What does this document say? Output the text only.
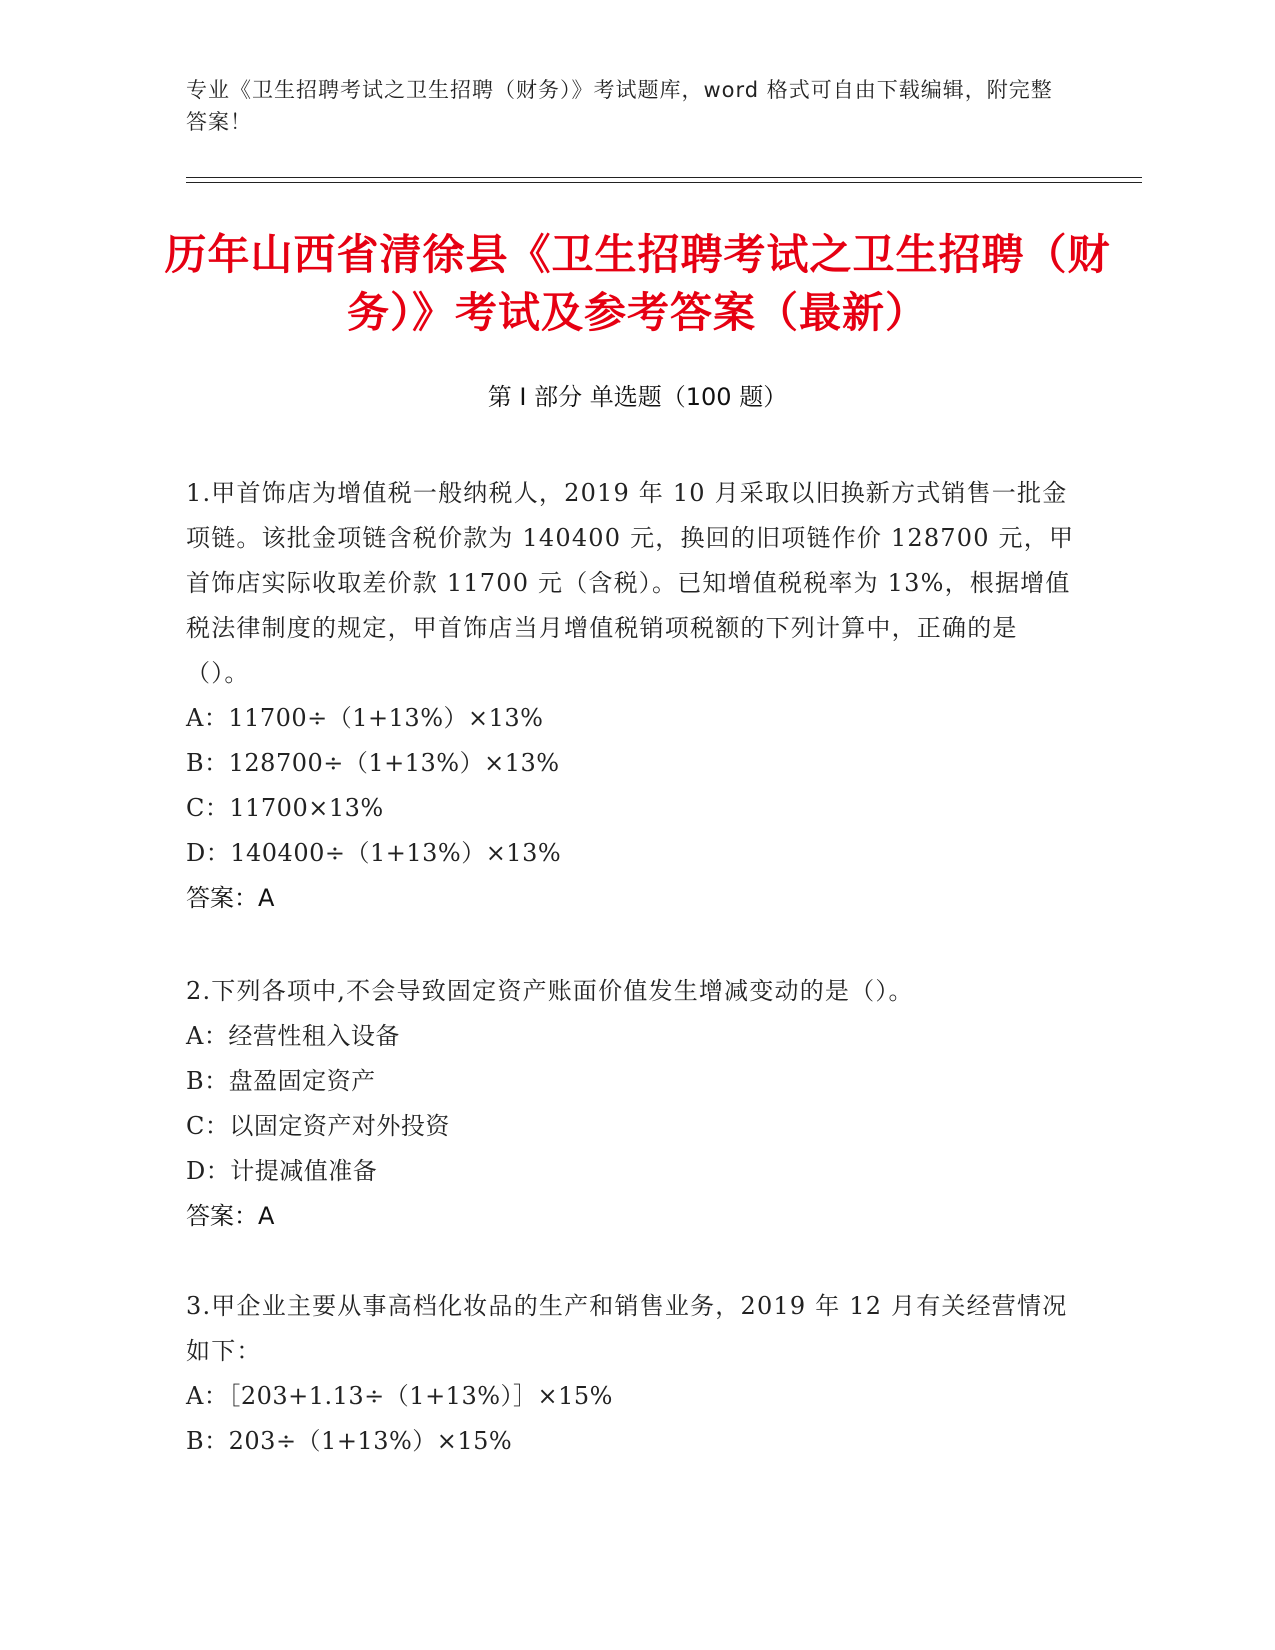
专业《卫生招聘考试之卫生招聘（财务）》考试题库，word 格式可自由下载编辑，附完整答案！
历年山西省清徐县《卫生招聘考试之卫生招聘（财务）》考试及参考答案（最新）
第 I 部分 单选题（100 题）
1.甲首饰店为增值税一般纳税人，2019 年 10 月采取以旧换新方式销售一批金项链。该批金项链含税价款为 140400 元，换回的旧项链作价 128700 元，甲首饰店实际收取差价款 11700 元（含税）。已知增值税税率为 13%，根据增值税法律制度的规定，甲首饰店当月增值税销项税额的下列计算中，正确的是（）。
A：11700÷（1+13%）×13%
B：128700÷（1+13%）×13%
C：11700×13%
D：140400÷（1+13%）×13%
答案：A
2.下列各项中,不会导致固定资产账面价值发生增减变动的是（）。
A：经营性租入设备
B：盘盈固定资产
C：以固定资产对外投资
D：计提减值准备
答案：A
3.甲企业主要从事高档化妆品的生产和销售业务，2019 年 12 月有关经营情况如下：
A：［203+1.13÷（1+13%）］×15%
B：203÷（1+13%）×15%
